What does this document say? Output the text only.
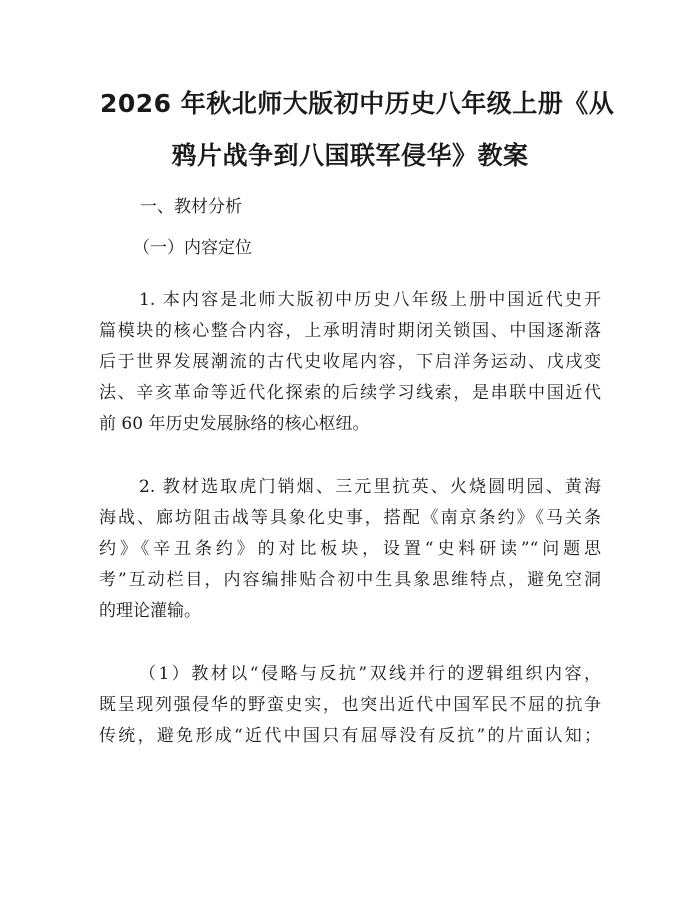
2026 年秋北师大版初中历史八年级上册《从
鸦片战争到八国联军侵华》教案
一、教材分析
（一）内容定位
1. 本内容是北师大版初中历史八年级上册中国近代史开
篇模块的核心整合内容，上承明清时期闭关锁国、中国逐渐落
后于世界发展潮流的古代史收尾内容，下启洋务运动、戊戌变
法、辛亥革命等近代化探索的后续学习线索，是串联中国近代
前 60 年历史发展脉络的核心枢纽。
2. 教材选取虎门销烟、三元里抗英、火烧圆明园、黄海
海战、廊坊阻击战等具象化史事，搭配《南京条约》《马关条
约》《辛丑条约》的对比板块，设置“史料研读”“问题思
考”互动栏目，内容编排贴合初中生具象思维特点，避免空洞
的理论灌输。
（1）教材以“侵略与反抗”双线并行的逻辑组织内容，
既呈现列强侵华的野蛮史实，也突出近代中国军民不屈的抗争
传统，避免形成“近代中国只有屈辱没有反抗”的片面认知；
